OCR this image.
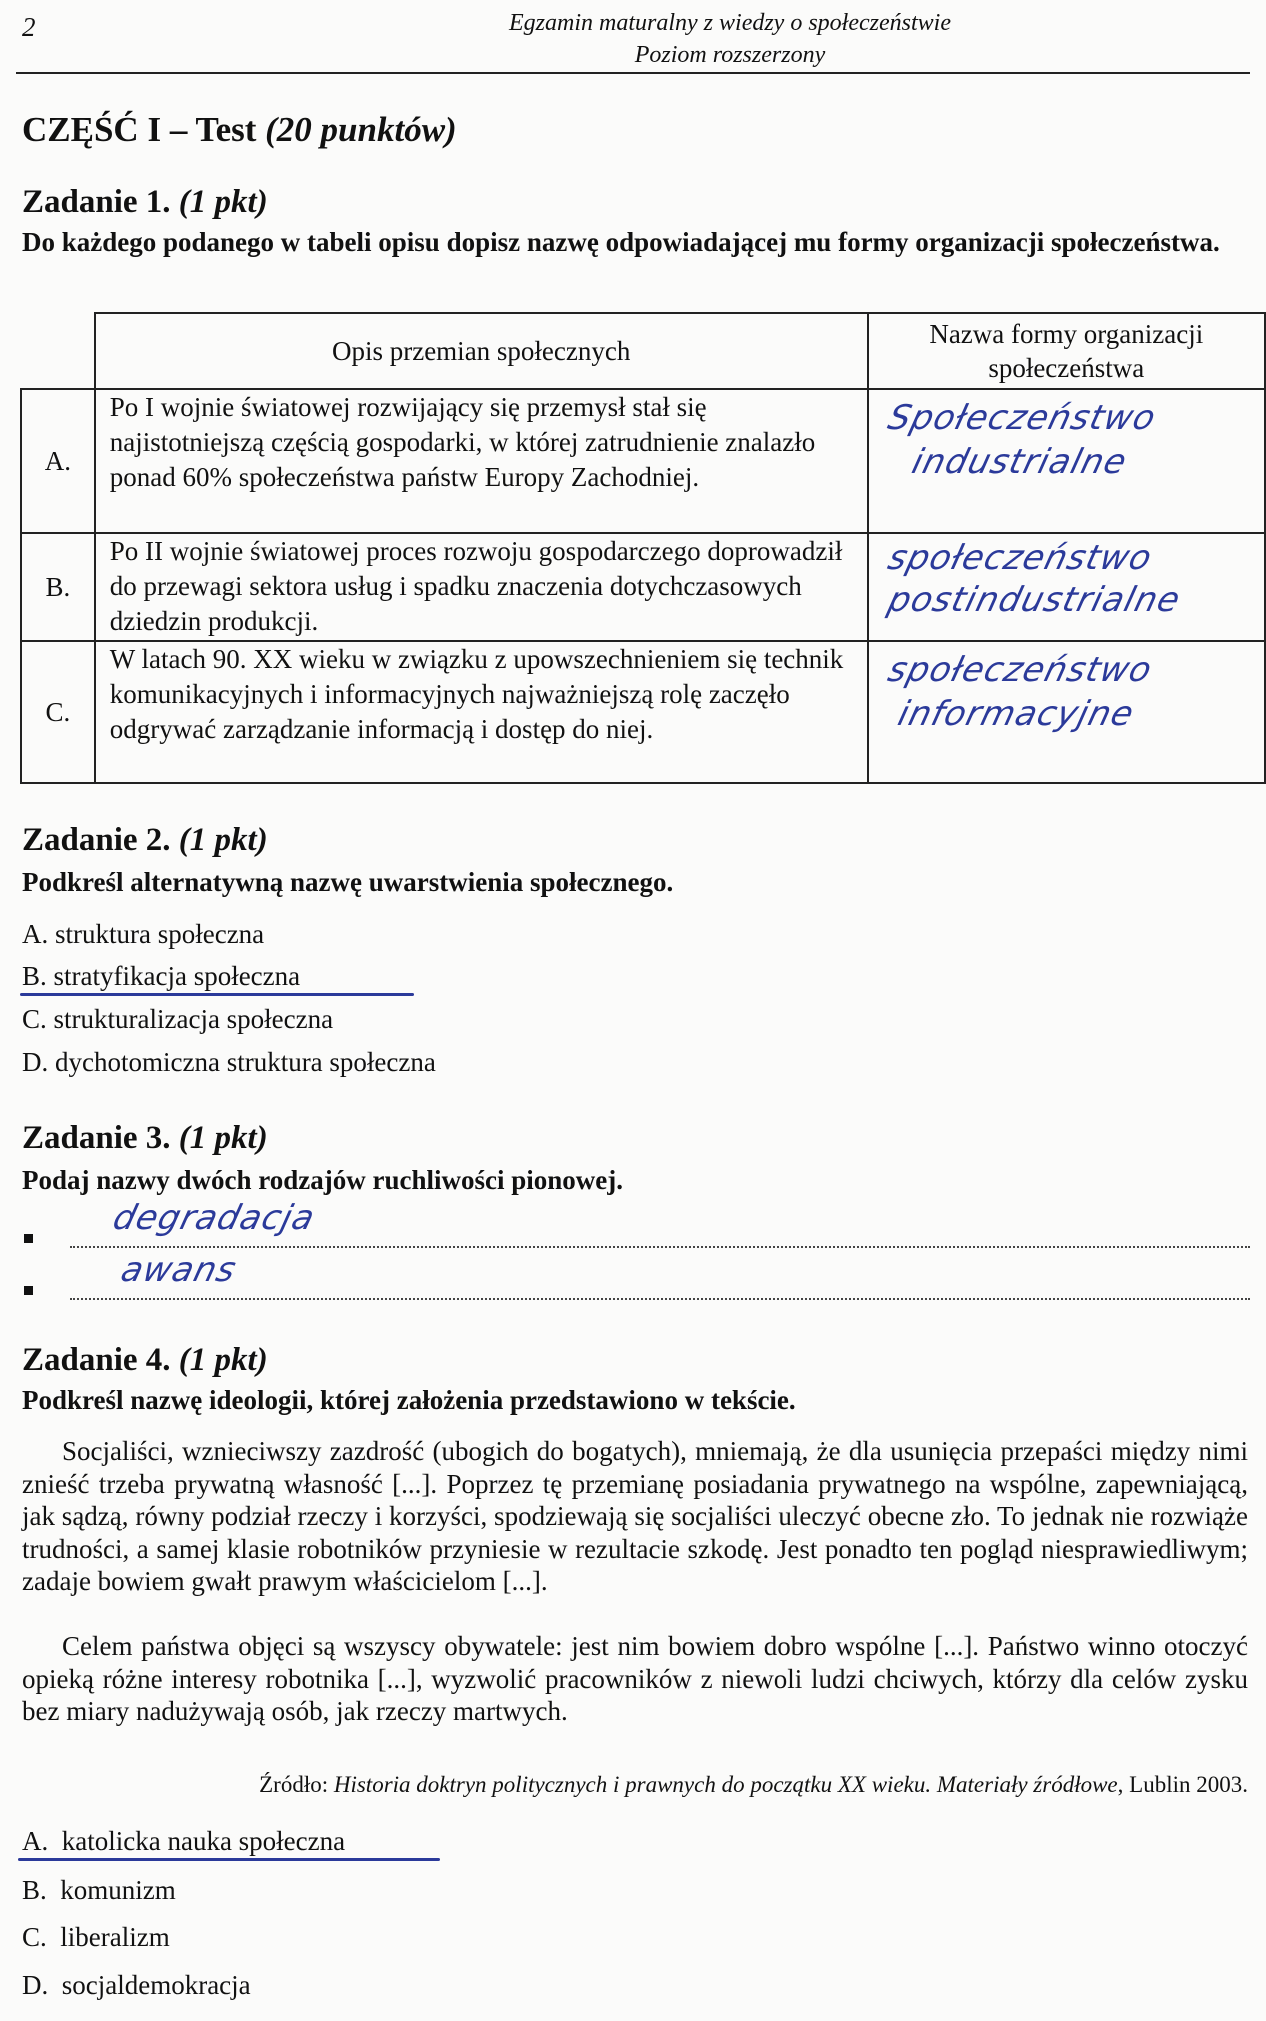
2	Egzamin maturalny z wiedzy o społeczeństwie
Poziom rozszerzony
CZĘŚĆ I – Test (20 punktów)
Zadanie 1. (1 pkt)
Do każdego podanego w tabeli opisu dopisz nazwę odpowiadającej mu formy organizacji społeczeństwa.
	Opis przemian społecznych	Nazwa formy organizacji społeczeństwa
A.	Po I wojnie światowej rozwijający się przemysł stał się najistotniejszą częścią gospodarki, w której zatrudnienie znalazło ponad 60% społeczeństwa państw Europy Zachodniej.	Społeczeństwo
industrialne

B.	Po II wojnie światowej proces rozwoju gospodarczego doprowadził do przewagi sektora usług i spadku znaczenia dotychczasowych dziedzin produkcji.	społeczeństwo
postindustrialne

C.	W latach 90. XX wieku w związku z upowszechnieniem się technik komunikacyjnych i informacyjnych najważniejszą rolę zaczęło odgrywać zarządzanie informacją i dostęp do niej.	społeczeństwo
informacyjne
Zadanie 2. (1 pkt)
Podkreśl alternatywną nazwę uwarstwienia społecznego.
A. struktura społeczna
B. stratyfikacja społeczna
C. strukturalizacja społeczna
D. dychotomiczna struktura społeczna
Zadanie 3. (1 pkt)
Podaj nazwy dwóch rodzajów ruchliwości pionowej.
degradacja
awans
Zadanie 4. (1 pkt)
Podkreśl nazwę ideologii, której założenia przedstawiono w tekście.

Socjaliści, wznieciwszy zazdrość (ubogich do bogatych), mniemają, że dla usunięcia przepaści między nimi znieść trzeba prywatną własność [...]. Poprzez tę przemianę posiadania prywatnego na wspólne, zapewniającą, jak sądzą, równy podział rzeczy i korzyści, spodziewają się socjaliści uleczyć obecne zło. To jednak nie rozwiąże trudności, a samej klasie robotników przyniesie w rezultacie szkodę. Jest ponadto ten pogląd niesprawiedliwym; zadaje bowiem gwałt prawym właścicielom [...].

Celem państwa objęci są wszyscy obywatele: jest nim bowiem dobro wspólne [...]. Państwo winno otoczyć opieką różne interesy robotnika [...], wyzwolić pracowników z niewoli ludzi chciwych, którzy dla celów zysku bez miary nadużywają osób, jak rzeczy martwych.

Źródło: Historia doktryn politycznych i prawnych do początku XX wieku. Materiały źródłowe, Lublin 2003.
A.  katolicka nauka społeczna
B.  komunizm
C.  liberalizm
D.  socjaldemokracja
